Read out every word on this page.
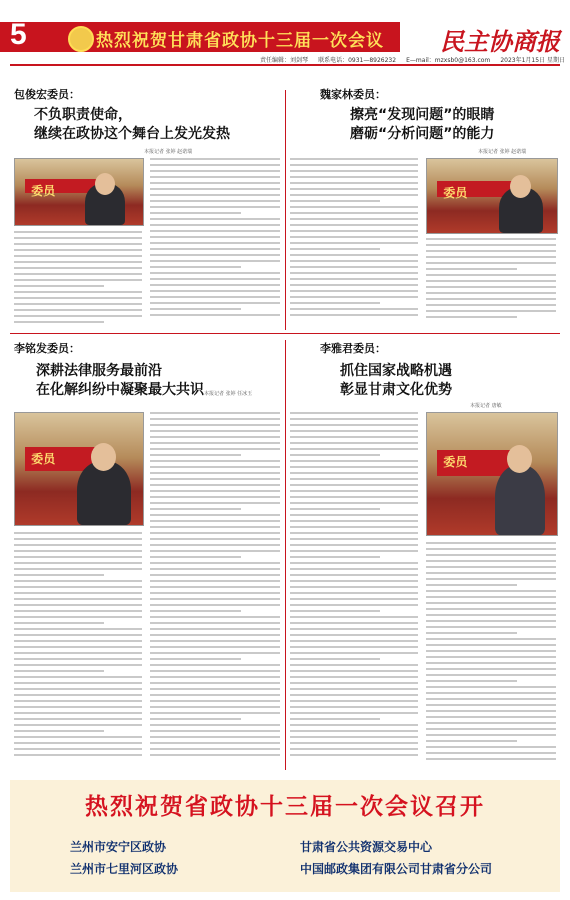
5	热烈祝贺甘肃省政协十三届一次会议 民主协商报
责任编辑：刘剑琴 联系电话：0931—8926232 E—mail：mzxsb0@163.com 2023年1月15日 星期日
包俊宏委员：
不负职责使命，
继续在政协这个舞台上发光发热
本报记者 张婷 赵诺瑞
委员
魏家林委员：
擦亮“发现问题”的眼睛
磨砺“分析问题”的能力
本报记者 张婷 赵诺瑞
委员
李铭发委员：
深耕法律服务最前沿
在化解纠纷中凝聚最大共识 本报记者 张婷 任冰玉
委员
李雅君委员：
抓住国家战略机遇
彰显甘肃文化优势
本报记者 唐敏
委员
热烈祝贺省政协十三届一次会议召开
兰州市安宁区政协	甘肃省公共资源交易中心
兰州市七里河区政协	中国邮政集团有限公司甘肃省分公司
